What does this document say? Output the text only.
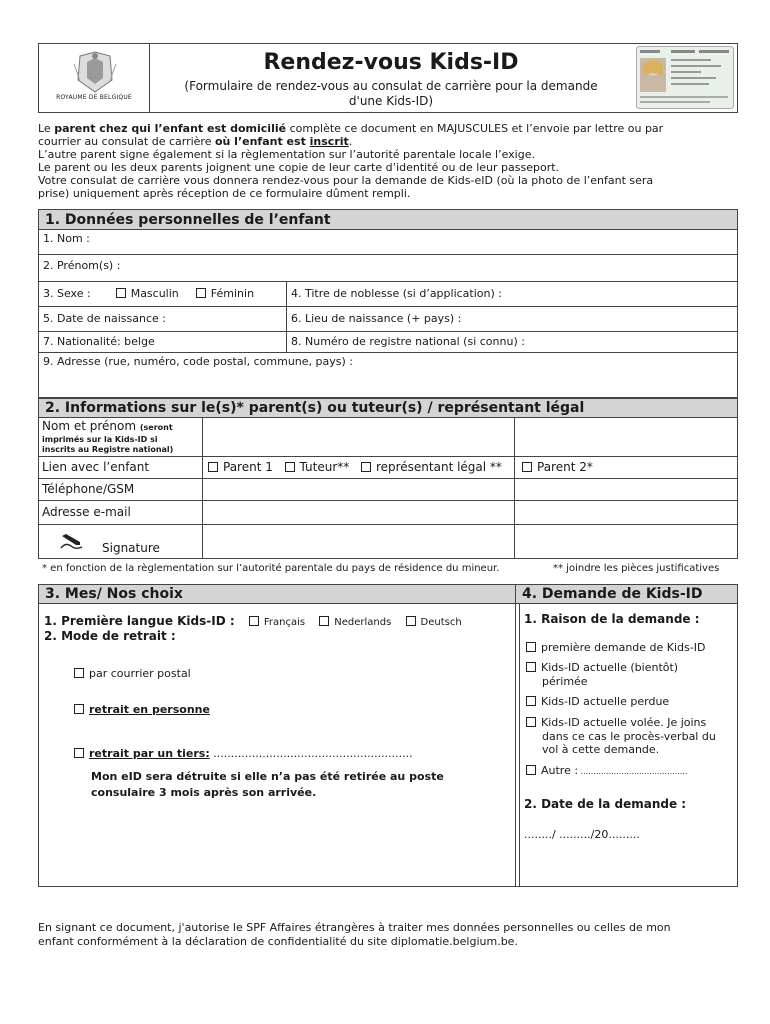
ROYAUME DE BELGIQUE
Rendez-vous Kids-ID
(Formulaire de rendez-vous au consulat de carrière pour la demande
d'une Kids-ID)
Le parent chez qui l’enfant est domicilié complète ce document en MAJUSCULES et l’envoie par lettre ou par
courrier au consulat de carrière où l’enfant est inscrit.
L’autre parent signe également si la règlementation sur l’autorité parentale locale l’exige.
Le parent ou les deux parents joignent une copie de leur carte d’identité ou de leur passeport.
Votre consulat de carrière vous donnera rendez-vous pour la demande de Kids-eID (où la photo de l’enfant sera
prise) uniquement après réception de ce formulaire dûment rempli.
1. Données personnelles de l’enfant
1. Nom :
2. Prénom(s) :
3. Sexe :	Masculin	Féminin	4. Titre de noblesse (si d’application) :
5. Date de naissance :	6. Lieu de naissance (+ pays) :
7. Nationalité: belge	8. Numéro de registre national (si connu) :
9. Adresse (rue, numéro, code postal, commune, pays) :
2. Informations sur le(s)* parent(s) ou tuteur(s) / représentant légal
Nom et prénom (seront
imprimés sur la Kids-ID si
inscrits au Registre national)
Lien avec l’enfant	Parent 1 Tuteur** représentant légal **	Parent 2*
Téléphone/GSM
Adresse e-mail
Signature
* en fonction de la règlementation sur l’autorité parentale du pays de résidence du mineur.	** joindre les pièces justificatives
3. Mes/ Nos choix
1. Première langue Kids-ID :	Français	Nederlands	Deutsch
2. Mode de retrait :
par courrier postal
retrait en personne
retrait par un tiers: .........................................................
Mon eID sera détruite si elle n’a pas été retirée au poste
consulaire 3 mois après son arrivée.
4. Demande de Kids-ID
1. Raison de la demande :
première demande de Kids-ID
Kids-ID actuelle (bientôt)
périmée
Kids-ID actuelle perdue
Kids-ID actuelle volée. Je joins
dans ce cas le procès-verbal du
vol à cette demande.
Autre : ..........................................
2. Date de la demande :
......../ ........./20.........
En signant ce document, j'autorise le SPF Affaires étrangères à traiter mes données personnelles ou celles de mon
enfant conformément à la déclaration de confidentialité du site diplomatie.belgium.be.
